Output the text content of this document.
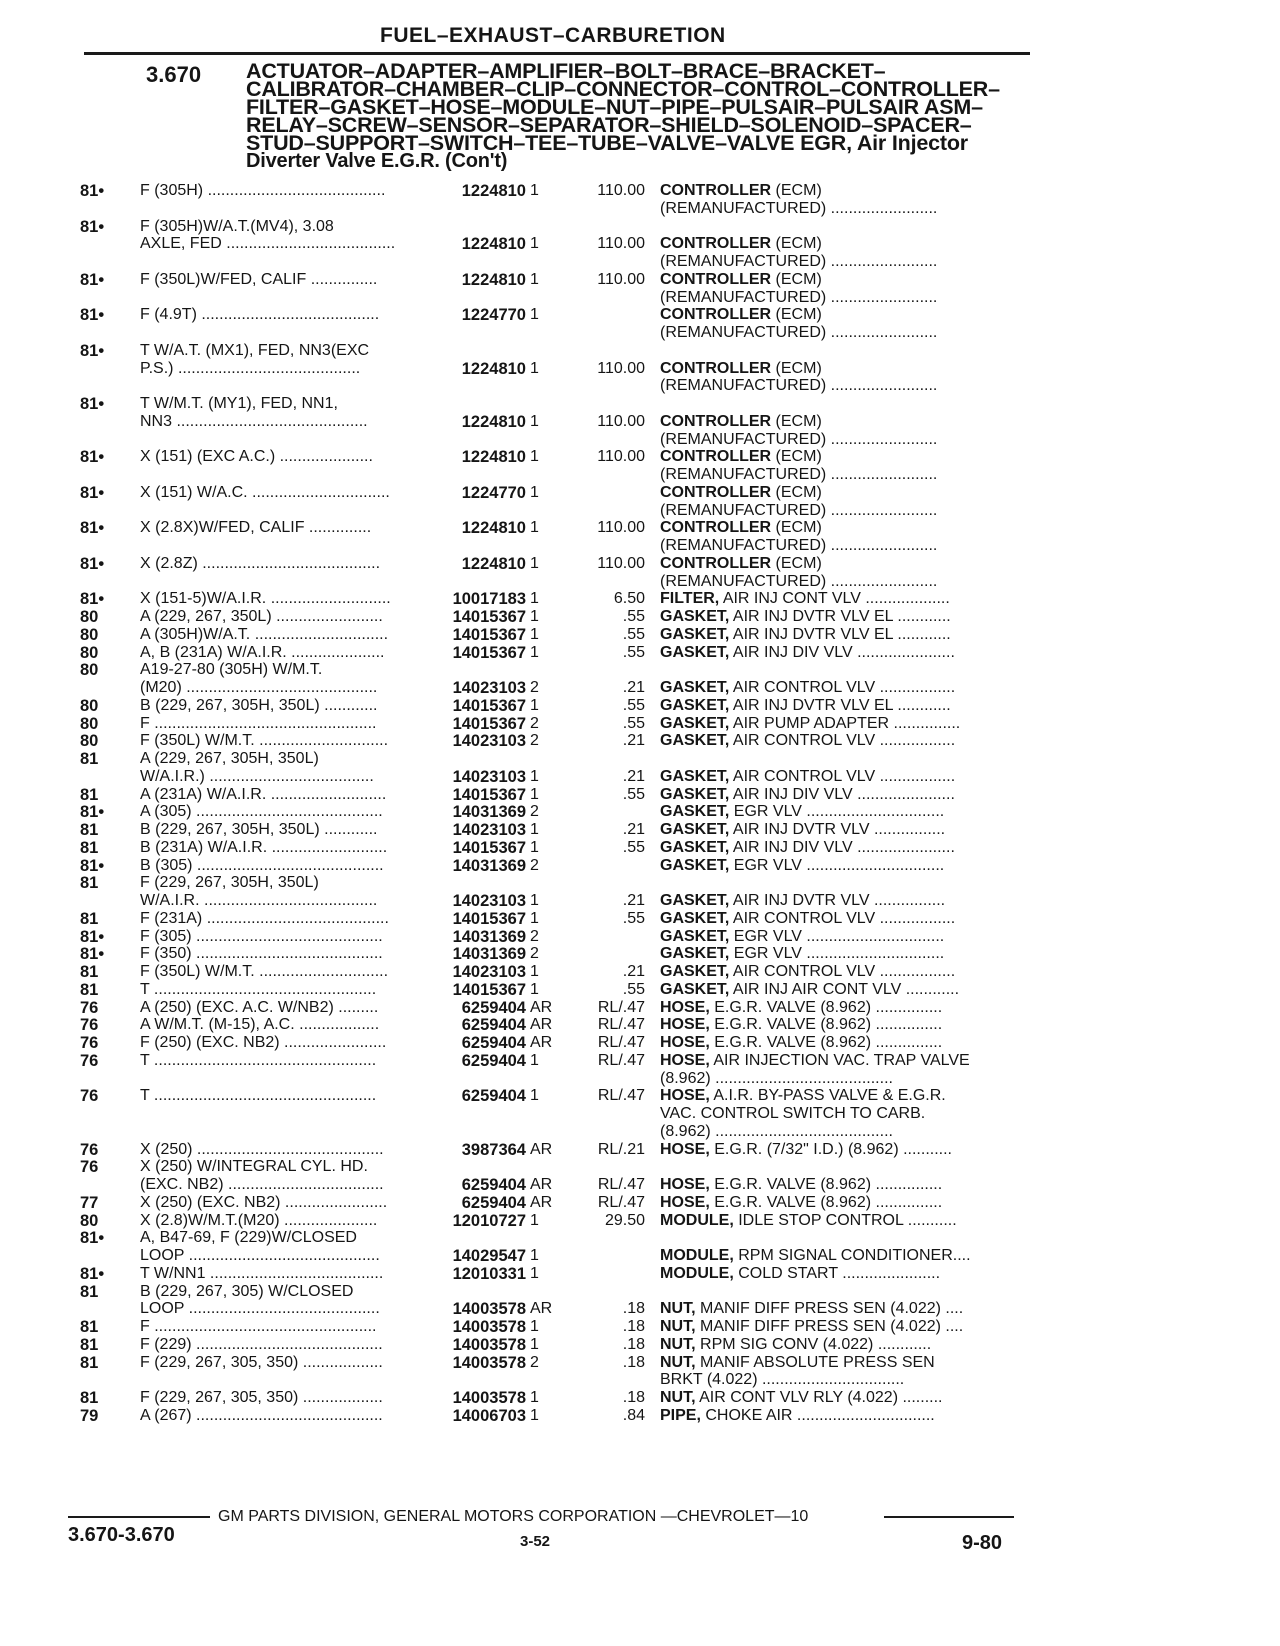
FUEL–EXHAUST–CARBURETION
3.670 ACTUATOR–ADAPTER–AMPLIFIER–BOLT–BRACE–BRACKET–
CALIBRATOR–CHAMBER–CLIP–CONNECTOR–CONTROL–CONTROLLER–
FILTER–GASKET–HOSE–MODULE–NUT–PIPE–PULSAIR–PULSAIR ASM–
RELAY–SCREW–SENSOR–SEPARATOR–SHIELD–SOLENOID–SPACER–
STUD–SUPPORT–SWITCH–TEE–TUBE–VALVE–VALVE EGR, Air Injector
Diverter Valve E.G.R. (Con't)
81•	F (305H) ........................................	1224810 1	110.00 CONTROLLER (ECM)
(REMANUFACTURED) ........................
81•	F (305H)W/A.T.(MV4), 3.08
AXLE, FED ......................................	1224810 1	110.00 CONTROLLER (ECM)
(REMANUFACTURED) ........................
81•	F (350L)W/FED, CALIF ...............	1224810 1	110.00 CONTROLLER (ECM)
(REMANUFACTURED) ........................
81•	F (4.9T) ........................................	1224770 1	CONTROLLER (ECM)
(REMANUFACTURED) ........................
81•	T W/A.T. (MX1), FED, NN3(EXC
P.S.) .........................................	1224810 1	110.00 CONTROLLER (ECM)
(REMANUFACTURED) ........................
81•	T W/M.T. (MY1), FED, NN1,
NN3 ...........................................	1224810 1	110.00 CONTROLLER (ECM)
(REMANUFACTURED) ........................
81•	X (151) (EXC A.C.) .....................	1224810 1	110.00 CONTROLLER (ECM)
(REMANUFACTURED) ........................
81•	X (151) W/A.C. ...............................	1224770 1	CONTROLLER (ECM)
(REMANUFACTURED) ........................
81•	X (2.8X)W/FED, CALIF ..............	1224810 1	110.00 CONTROLLER (ECM)
(REMANUFACTURED) ........................
81•	X (2.8Z) ........................................	1224810 1	110.00 CONTROLLER (ECM)
(REMANUFACTURED) ........................
81•	X (151-5)W/A.I.R. ...........................	10017183 1	6.50 FILTER, AIR INJ CONT VLV ...................
80	A (229, 267, 350L) ........................	14015367 1	.55 GASKET, AIR INJ DVTR VLV EL ............
80	A (305H)W/A.T. ..............................	14015367 1	.55 GASKET, AIR INJ DVTR VLV EL ............
80	A, B (231A) W/A.I.R. .....................	14015367 1	.55 GASKET, AIR INJ DIV VLV ......................
80	A19-27-80 (305H) W/M.T.
(M20) ...........................................	14023103 2	.21 GASKET, AIR CONTROL VLV .................
80	B (229, 267, 305H, 350L) ............	14015367 1	.55 GASKET, AIR INJ DVTR VLV EL ............
80	F ..................................................	14015367 2	.55 GASKET, AIR PUMP ADAPTER ...............
80	F (350L) W/M.T. .............................	14023103 2	.21 GASKET, AIR CONTROL VLV .................
81	A (229, 267, 305H, 350L)
W/A.I.R.) .....................................	14023103 1	.21 GASKET, AIR CONTROL VLV .................
81	A (231A) W/A.I.R. ..........................	14015367 1	.55 GASKET, AIR INJ DIV VLV ......................
81•	A (305) ..........................................	14031369 2	GASKET, EGR VLV ...............................
81	B (229, 267, 305H, 350L) ............	14023103 1	.21 GASKET, AIR INJ DVTR VLV ................
81	B (231A) W/A.I.R. ..........................	14015367 1	.55 GASKET, AIR INJ DIV VLV ......................
81•	B (305) ..........................................	14031369 2	GASKET, EGR VLV ...............................
81	F (229, 267, 305H, 350L)
W/A.I.R. .......................................	14023103 1	.21 GASKET, AIR INJ DVTR VLV ................
81	F (231A) .........................................	14015367 1	.55 GASKET, AIR CONTROL VLV .................
81•	F (305) ..........................................	14031369 2	GASKET, EGR VLV ...............................
81•	F (350) ..........................................	14031369 2	GASKET, EGR VLV ...............................
81	F (350L) W/M.T. .............................	14023103 1	.21 GASKET, AIR CONTROL VLV .................
81	T ..................................................	14015367 1	.55 GASKET, AIR INJ AIR CONT VLV ............
76	A (250) (EXC. A.C. W/NB2) .........	6259404 AR	RL/.47 HOSE, E.G.R. VALVE (8.962) ...............
76	A W/M.T. (M-15), A.C. ..................	6259404 AR	RL/.47 HOSE, E.G.R. VALVE (8.962) ...............
76	F (250) (EXC. NB2) .......................	6259404 AR	RL/.47 HOSE, E.G.R. VALVE (8.962) ...............
76	T ..................................................	6259404 1	RL/.47 HOSE, AIR INJECTION VAC. TRAP VALVE
(8.962) ........................................
76	T ..................................................	6259404 1	RL/.47 HOSE, A.I.R. BY-PASS VALVE & E.G.R.
VAC. CONTROL SWITCH TO CARB.
(8.962) ........................................
76	X (250) ..........................................	3987364 AR	RL/.21 HOSE, E.G.R. (7/32" I.D.) (8.962) ...........
76	X (250) W/INTEGRAL CYL. HD.
(EXC. NB2) ...................................	6259404 AR	RL/.47 HOSE, E.G.R. VALVE (8.962) ...............
77	X (250) (EXC. NB2) .......................	6259404 AR	RL/.47 HOSE, E.G.R. VALVE (8.962) ...............
80	X (2.8)W/M.T.(M20) .....................	12010727 1	29.50 MODULE, IDLE STOP CONTROL ...........
81•	A, B47-69, F (229)W/CLOSED
LOOP ...........................................	14029547 1	MODULE, RPM SIGNAL CONDITIONER....
81•	T W/NN1 .......................................	12010331 1	MODULE, COLD START ......................
81	B (229, 267, 305) W/CLOSED
LOOP ...........................................	14003578 AR	.18 NUT, MANIF DIFF PRESS SEN (4.022) ....
81	F ..................................................	14003578 1	.18 NUT, MANIF DIFF PRESS SEN (4.022) ....
81	F (229) ..........................................	14003578 1	.18 NUT, RPM SIG CONV (4.022) ............
81	F (229, 267, 305, 350) ..................	14003578 2	.18 NUT, MANIF ABSOLUTE PRESS SEN
BRKT (4.022) ................................
81	F (229, 267, 305, 350) ..................	14003578 1	.18 NUT, AIR CONT VLV RLY (4.022) .........
79	A (267) ..........................................	14006703 1	.84 PIPE, CHOKE AIR ...............................
GM PARTS DIVISION, GENERAL MOTORS CORPORATION —CHEVROLET—10
3.670-3.670	3-52	9-80
